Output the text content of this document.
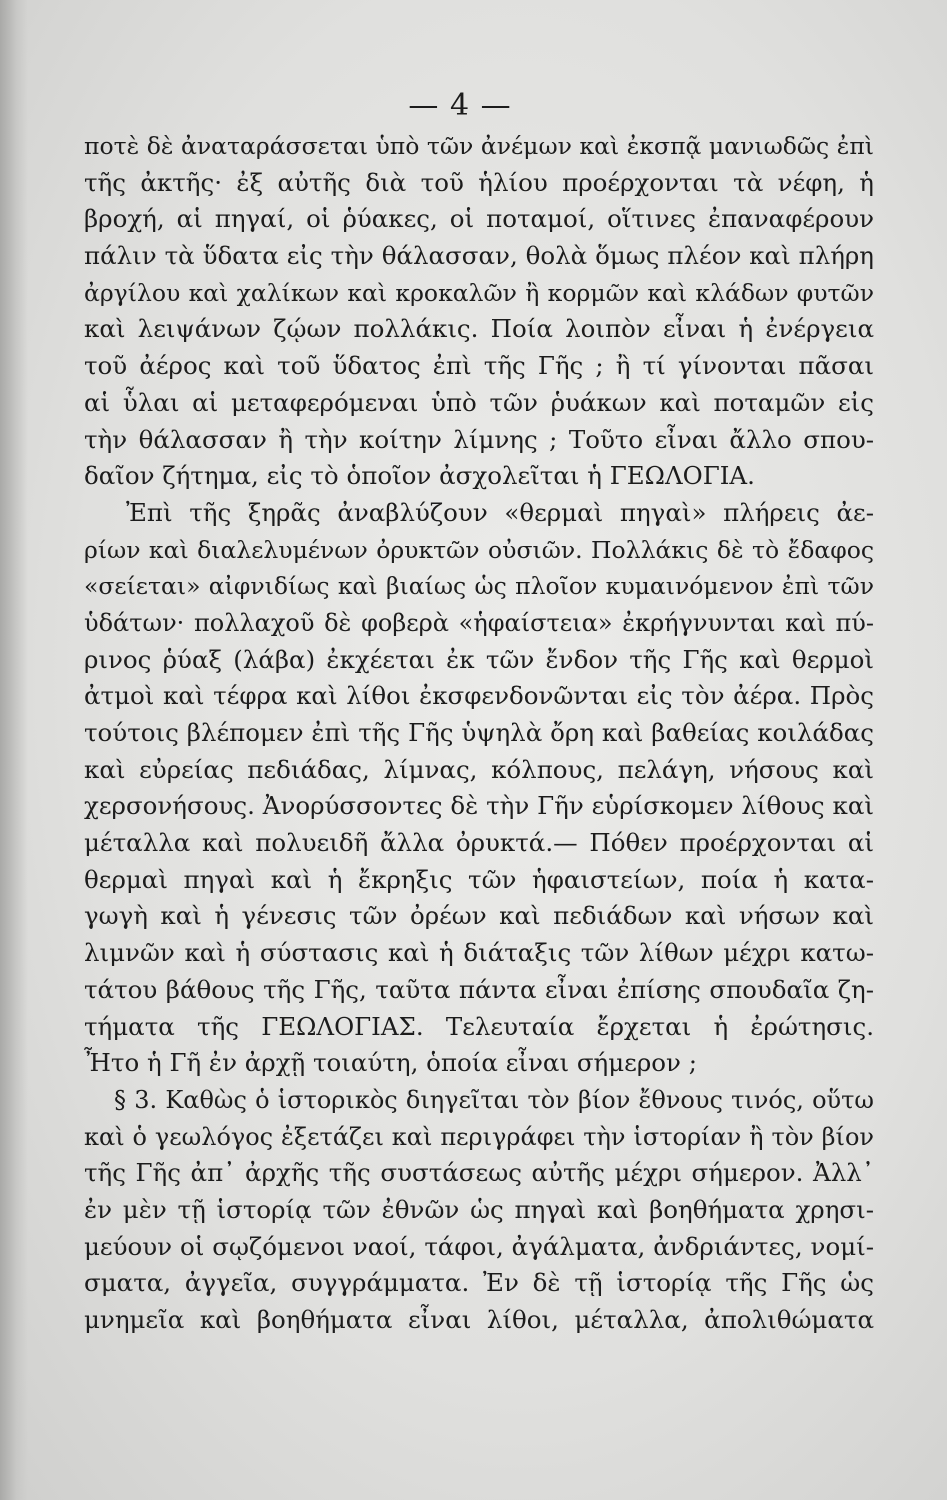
— 4 —
ποτὲ δὲ ἀναταράσσεται ὑπὸ τῶν ἀνέμων καὶ ἐκσπᾷ μανιωδῶς ἐπὶ
τῆς ἀκτῆς· ἐξ αὐτῆς διὰ τοῦ ἡλίου προέρχονται τὰ νέφη, ἡ
βροχή, αἱ πηγαί, οἱ ῥύακες, οἱ ποταμοί, οἵτινες ἐπαναφέρουν
πάλιν τὰ ὕδατα εἰς τὴν θάλασσαν, θολὰ ὅμως πλέον καὶ πλήρη
ἀργίλου καὶ χαλίκων καὶ κροκαλῶν ἢ κορμῶν καὶ κλάδων φυτῶν
καὶ λειψάνων ζῴων πολλάκις. Ποία λοιπὸν εἶναι ἡ ἐνέργεια
τοῦ ἀέρος καὶ τοῦ ὕδατος ἐπὶ τῆς Γῆς ; ἢ τί γίνονται πᾶσαι
αἱ ὗλαι αἱ μεταφερόμεναι ὑπὸ τῶν ῥυάκων καὶ ποταμῶν εἰς
τὴν θάλασσαν ἢ τὴν κοίτην λίμνης ; Τοῦτο εἶναι ἄλλο σπου-
δαῖον ζήτημα, εἰς τὸ ὁποῖον ἀσχολεῖται ἡ ΓΕΩΛΟΓΙΑ.
Ἐπὶ τῆς ξηρᾶς ἀναβλύζουν «θερμαὶ πηγαὶ» πλήρεις ἀε-
ρίων καὶ διαλελυμένων ὀρυκτῶν οὐσιῶν. Πολλάκις δὲ τὸ ἔδαφος
«σείεται» αἰφνιδίως καὶ βιαίως ὡς πλοῖον κυμαινόμενον ἐπὶ τῶν
ὑδάτων· πολλαχοῦ δὲ φοβερὰ «ἡφαίστεια» ἐκρήγνυνται καὶ πύ-
ρινος ῥύαξ (λάβα) ἐκχέεται ἐκ τῶν ἔνδον τῆς Γῆς καὶ θερμοὶ
ἀτμοὶ καὶ τέφρα καὶ λίθοι ἐκσφενδονῶνται εἰς τὸν ἀέρα. Πρὸς
τούτοις βλέπομεν ἐπὶ τῆς Γῆς ὑψηλὰ ὄρη καὶ βαθείας κοιλάδας
καὶ εὐρείας πεδιάδας, λίμνας, κόλπους, πελάγη, νήσους καὶ
χερσονήσους. Ἀνορύσσοντες δὲ τὴν Γῆν εὑρίσκομεν λίθους καὶ
μέταλλα καὶ πολυειδῆ ἄλλα ὀρυκτά.— Πόθεν προέρχονται αἱ
θερμαὶ πηγαὶ καὶ ἡ ἔκρηξις τῶν ἡφαιστείων, ποία ἡ κατα-
γωγὴ καὶ ἡ γένεσις τῶν ὀρέων καὶ πεδιάδων καὶ νήσων καὶ
λιμνῶν καὶ ἡ σύστασις καὶ ἡ διάταξις τῶν λίθων μέχρι κατω-
τάτου βάθους τῆς Γῆς, ταῦτα πάντα εἶναι ἐπίσης σπουδαῖα ζη-
τήματα τῆς ΓΕΩΛΟΓΙΑΣ. Τελευταία ἔρχεται ἡ ἐρώτησις.
Ἦτο ἡ Γῆ ἐν ἀρχῇ τοιαύτη, ὁποία εἶναι σήμερον ;
§ 3. Καθὼς ὁ ἱστορικὸς διηγεῖται τὸν βίον ἔθνους τινός, οὕτω
καὶ ὁ γεωλόγος ἐξετάζει καὶ περιγράφει τὴν ἱστορίαν ἢ τὸν βίον
τῆς Γῆς ἀπ᾽ ἀρχῆς τῆς συστάσεως αὐτῆς μέχρι σήμερον. Ἀλλ᾽
ἐν μὲν τῇ ἱστορίᾳ τῶν ἐθνῶν ὡς πηγαὶ καὶ βοηθήματα χρησι-
μεύουν οἱ σῳζόμενοι ναοί, τάφοι, ἀγάλματα, ἀνδριάντες, νομί-
σματα, ἀγγεῖα, συγγράμματα. Ἐν δὲ τῇ ἱστορίᾳ τῆς Γῆς ὡς
μνημεῖα καὶ βοηθήματα εἶναι λίθοι, μέταλλα, ἀπολιθώματα
